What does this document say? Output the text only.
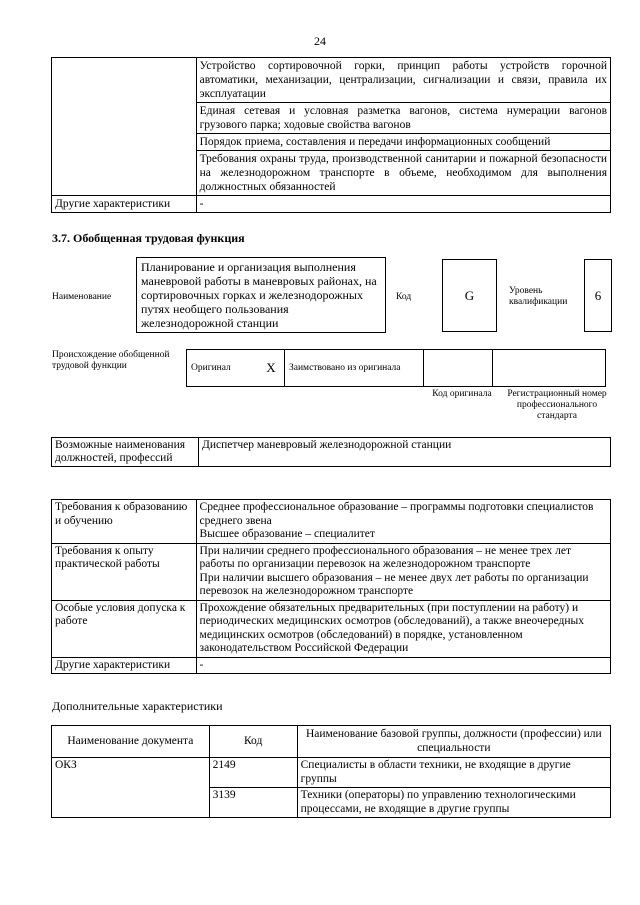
24
	Устройство сортировочной горки, принцип работы устройств горочной автоматики, механизации, централизации, сигнализации и связи, правила их эксплуатации
	Единая сетевая и условная разметка вагонов, система нумерации вагонов грузового парка; ходовые свойства вагонов
	Порядок приема, составления и передачи информационных сообщений
	Требования охраны труда, производственной санитарии и пожарной безопасности на железнодорожном транспорте в объеме, необходимом для выполнения должностных обязанностей
Другие характеристики	-
3.7. Обобщенная трудовая функция
Наименование
Планирование и организация выполнения маневровой работы в маневровых районах, на сортировочных горках и железнодорожных путях необщего пользования железнодорожной станции
Код	G	Уровень квалификации	6
Происхождение обобщенной трудовой функции	Оригинал	X	Заимствовано из оригинала		
Код оригинала	Регистрационный номер профессионального стандарта
Возможные наименования должностей, профессий	Диспетчер маневровый железнодорожной станции
Требования к образованию и обучению	Среднее профессиональное образование – программы подготовки специалистов среднего звена
Высшее образование – специалитет

Требования к опыту практической работы	При наличии среднего профессионального образования – не менее трех лет работы по организации перевозок на железнодорожном транспорте
При наличии высшего образования – не менее двух лет работы по организации перевозок на железнодорожном транспорте

Особые условия допуска к работе	Прохождение обязательных предварительных (при поступлении на работу) и периодических медицинских осмотров (обследований), а также внеочередных медицинских осмотров (обследований) в порядке, установленном законодательством Российской Федерации

Другие характеристики	-
Дополнительные характеристики
Наименование документа	Код	Наименование базовой группы, должности (профессии) или специальности
ОКЗ	2149	Специалисты в области техники, не входящие в другие группы
	3139	Техники (операторы) по управлению технологическими процессами, не входящие в другие группы
